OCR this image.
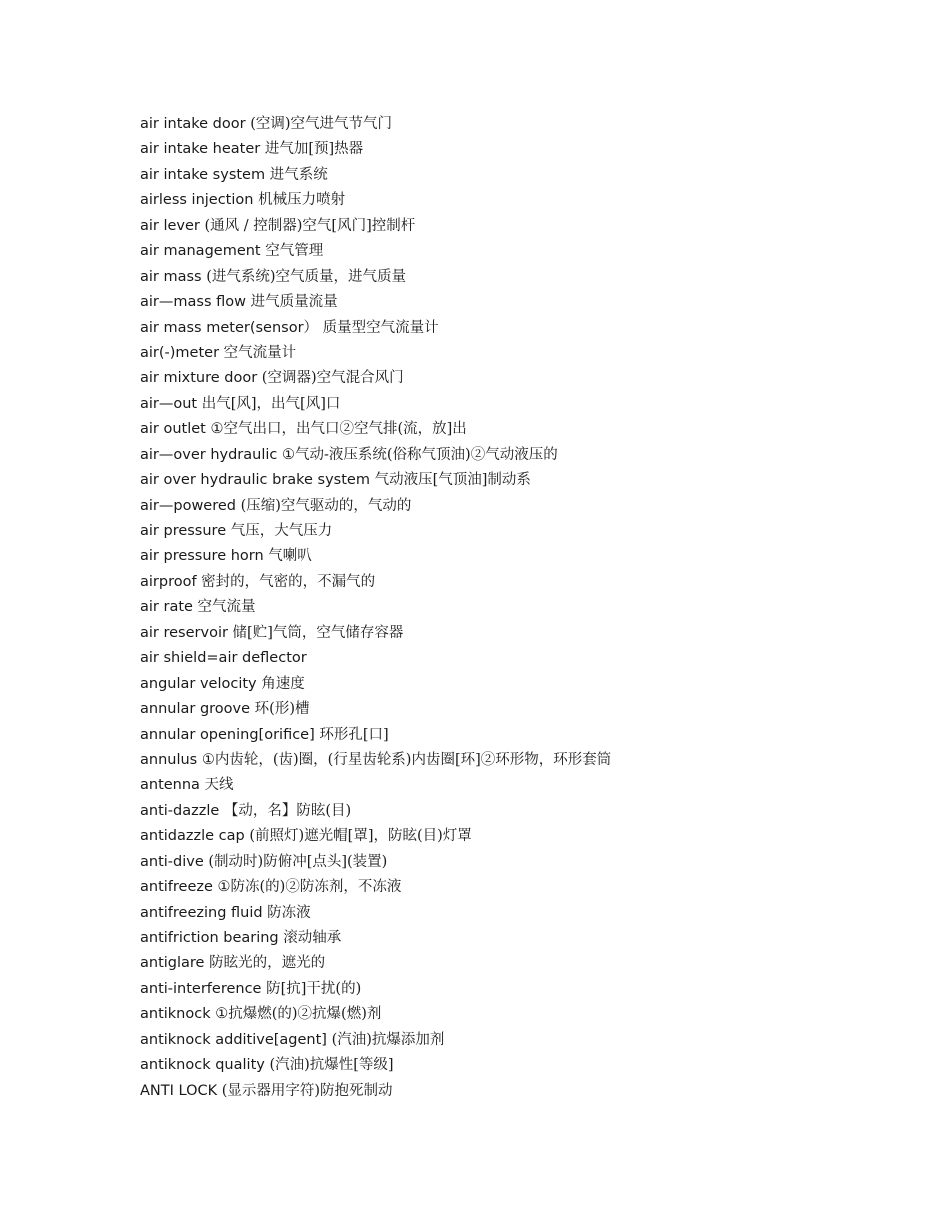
air intake door (空调)空气进气节气门
air intake heater 进气加[预]热器
air intake system 进气系统
airless injection 机械压力喷射
air lever (通风 / 控制器)空气[风门]控制杆
air management 空气管理
air mass (进气系统)空气质量，进气质量
air—mass flow 进气质量流量
air mass meter(sensor） 质量型空气流量计
air(-)meter 空气流量计
air mixture door (空调器)空气混合风门
air—out 出气[风]，出气[风]口
air outlet ①空气出口，出气口②空气排(流，放]出
air—over hydraulic ①气动-液压系统(俗称气顶油)②气动液压的
air over hydraulic brake system 气动液压[气顶油]制动系
air—powered (压缩)空气驱动的，气动的
air pressure 气压，大气压力
air pressure horn 气喇叭
airproof 密封的，气密的，不漏气的
air rate 空气流量
air reservoir 储[贮]气筒，空气储存容器
air shield=air deflector
angular velocity 角速度
annular groove 环(形)槽
annular opening[orifice] 环形孔[口]
annulus ①内齿轮，(齿)圈，(行星齿轮系)内齿圈[环]②环形物，环形套筒
antenna 天线
anti-dazzle 【动，名】防眩(目)
antidazzle cap (前照灯)遮光帽[罩]，防眩(目)灯罩
anti-dive (制动时)防俯冲[点头](装置)
antifreeze ①防冻(的)②防冻剂，不冻液
antifreezing fluid 防冻液
antifriction bearing 滚动轴承
antiglare 防眩光的，遮光的
anti-interference 防[抗]干扰(的)
antiknock ①抗爆燃(的)②抗爆(燃)剂
antiknock additive[agent] (汽油)抗爆添加剂
antiknock quality (汽油)抗爆性[等级]
ANTI LOCK (显示器用字符)防抱死制动
